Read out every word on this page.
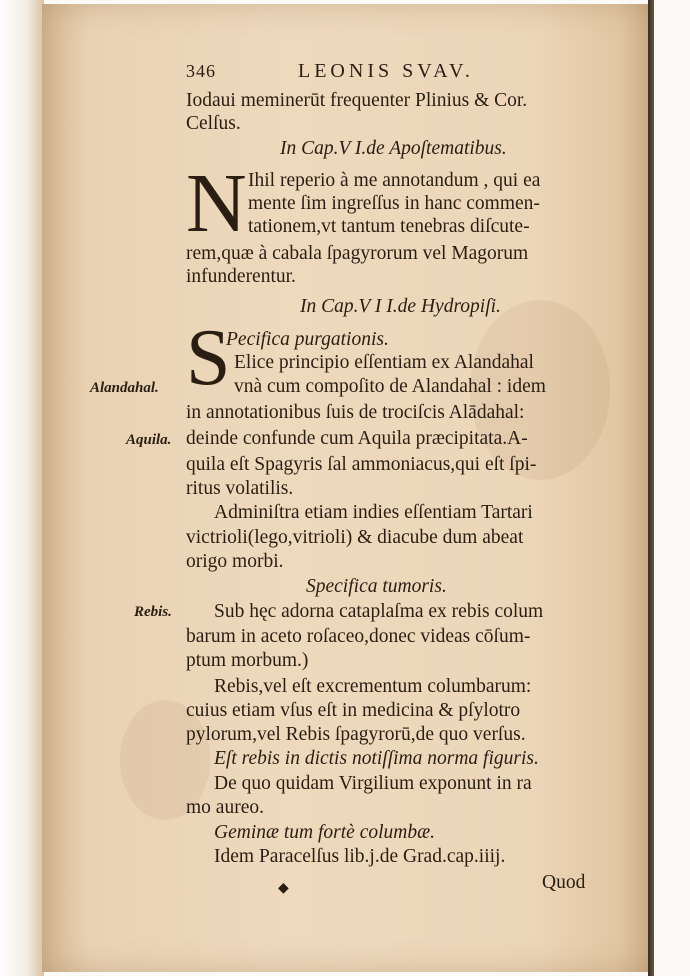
346	LEONIS SVAV.
Iodaui meminerūt frequenter Plinius & Cor.
Celſus.
In Cap.V I.de Apoſtematibus.
N Ihil reperio à me annotandum , qui ea
mente ſim ingreſſus in hanc commen-
tationem,vt tantum tenebras diſcute-
rem,quæ à cabala ſpagyrorum vel Magorum
infunderentur.
In Cap.V I I.de Hydropiſi.
S
Pecifica purgationis.
Elice principio eſſentiam ex Alandahal
vnà cum compoſito de Alandahal : idem
in annotationibus ſuis de trociſcis Alādahal:
deinde confunde cum Aquila præcipitata.A-
quila eſt Spagyris ſal ammoniacus,qui eſt ſpi-
ritus volatilis.
Adminiſtra etiam indies eſſentiam Tartari
victrioli(lego,vitrioli) & diacube dum abeat
origo morbi.
Specifica tumoris.
Sub hęc adorna cataplaſma ex rebis colum
barum in aceto roſaceo,donec videas cōſum-
ptum morbum.)
Rebis,vel eſt excrementum columbarum:
cuius etiam vſus eſt in medicina & pſylotro
pylorum,vel Rebis ſpagyrorū,de quo verſus.
Eſt rebis in dictis notiſſima norma figuris.
De quo quidam Virgilium exponunt in ra
mo aureo.
Geminæ tum fortè columbæ.
Idem Paracelſus lib.j.de Grad.cap.iiij.
Quod
◆
Alandahal.
Aquila.
Rebis.
